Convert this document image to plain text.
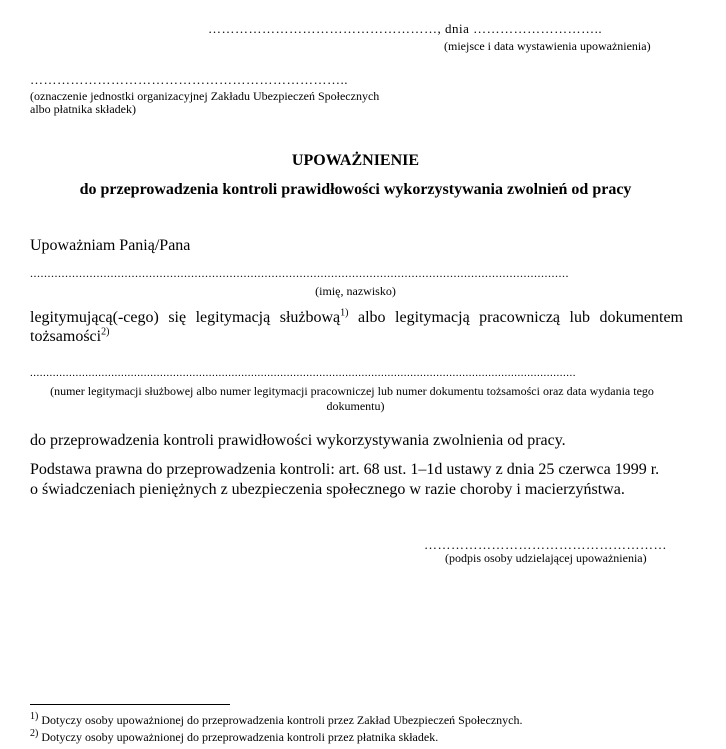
……………………………………………, dnia ………………………..
(miejsce i data wystawienia upoważnienia)
……………………………………………………………..
(oznaczenie jednostki organizacyjnej Zakładu Ubezpieczeń Społecznych
albo płatnika składek)
UPOWAŻNIENIE
do przeprowadzenia kontroli prawidłowości wykorzystywania zwolnień od pracy
Upoważniam Panią/Pana
..........................................................................................................................................................
(imię, nazwisko)
legitymującą(-cego) się legitymacją służbową$^{1)}$ albo legitymacją pracowniczą lub dokumentem
tożsamości$^{2)}$
........................................................................................................................................................................
(numer legitymacji służbowej albo numer legitymacji pracowniczej lub numer dokumentu tożsamości oraz data wydania tego
dokumentu)
do przeprowadzenia kontroli prawidłowości wykorzystywania zwolnienia od pracy.
Podstawa prawna do przeprowadzenia kontroli: art. 68 ust. 1–1d ustawy z dnia 25 czerwca 1999 r.
o świadczeniach pieniężnych z ubezpieczenia społecznego w razie choroby i macierzyństwa.
………………………………………………
(podpis osoby udzielającej upoważnienia)
$^{1)}$ Dotyczy osoby upoważnionej do przeprowadzenia kontroli przez Zakład Ubezpieczeń Społecznych.
$^{2)}$ Dotyczy osoby upoważnionej do przeprowadzenia kontroli przez płatnika składek.
